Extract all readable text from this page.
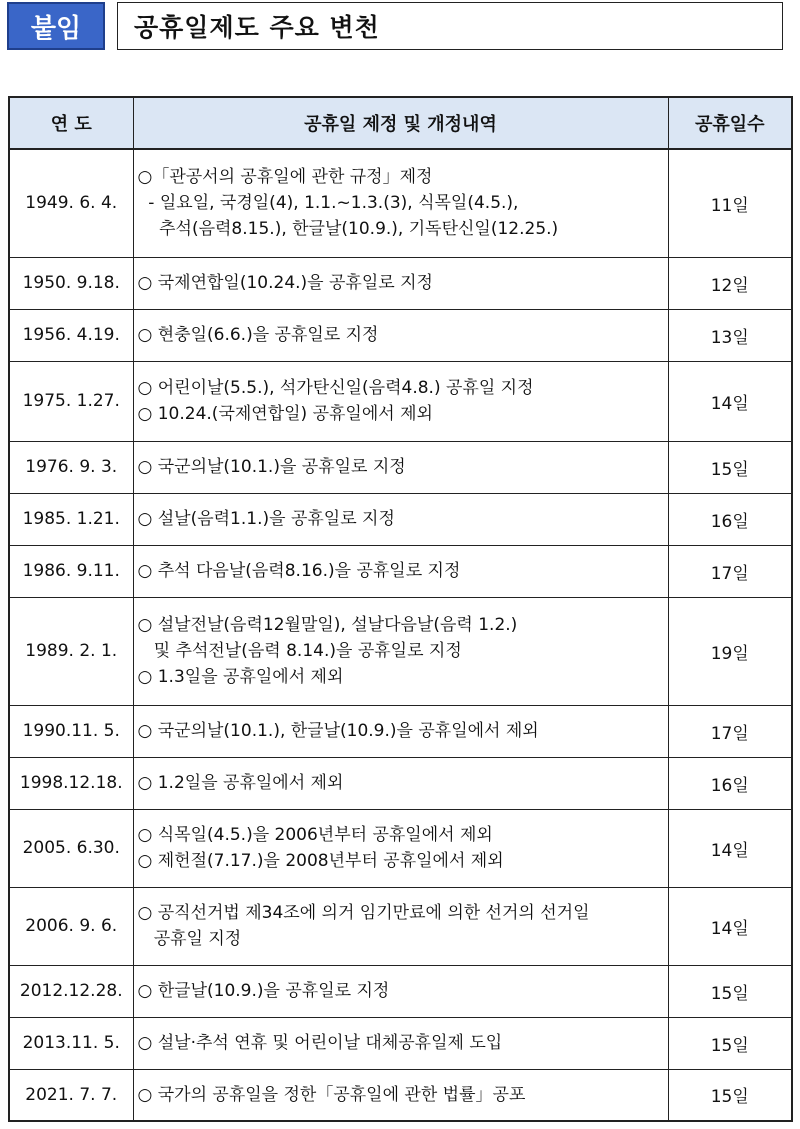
붙임	공휴일제도 주요 변천
연 도	공휴일 제정 및 개정내역	공휴일수
1949. 6. 4.	○「관공서의 공휴일에 관한 규정」제정
- 일요일, 국경일(4), 1.1.~1.3.(3), 식목일(4.5.),
추석(음력8.15.), 한글날(10.9.), 기독탄신일(12.25.)	11일
1950. 9.18.	○ 국제연합일(10.24.)을 공휴일로 지정	12일
1956. 4.19.	○ 현충일(6.6.)을 공휴일로 지정	13일
1975. 1.27.	○ 어린이날(5.5.), 석가탄신일(음력4.8.) 공휴일 지정
○ 10.24.(국제연합일) 공휴일에서 제외	14일
1976. 9. 3.	○ 국군의날(10.1.)을 공휴일로 지정	15일
1985. 1.21.	○ 설날(음력1.1.)을 공휴일로 지정	16일
1986. 9.11.	○ 추석 다음날(음력8.16.)을 공휴일로 지정	17일
1989. 2. 1.	○ 설날전날(음력12월말일), 설날다음날(음력 1.2.)
및 추석전날(음력 8.14.)을 공휴일로 지정
○ 1.3일을 공휴일에서 제외	19일
1990.11. 5.	○ 국군의날(10.1.), 한글날(10.9.)을 공휴일에서 제외	17일
1998.12.18.	○ 1.2일을 공휴일에서 제외	16일
2005. 6.30.	○ 식목일(4.5.)을 2006년부터 공휴일에서 제외
○ 제헌절(7.17.)을 2008년부터 공휴일에서 제외	14일
2006. 9. 6.	○ 공직선거법 제34조에 의거 임기만료에 의한 선거의 선거일
공휴일 지정	14일
2012.12.28.	○ 한글날(10.9.)을 공휴일로 지정	15일
2013.11. 5.	○ 설날·추석 연휴 및 어린이날 대체공휴일제 도입	15일
2021. 7. 7.	○ 국가의 공휴일을 정한「공휴일에 관한 법률」공포	15일
